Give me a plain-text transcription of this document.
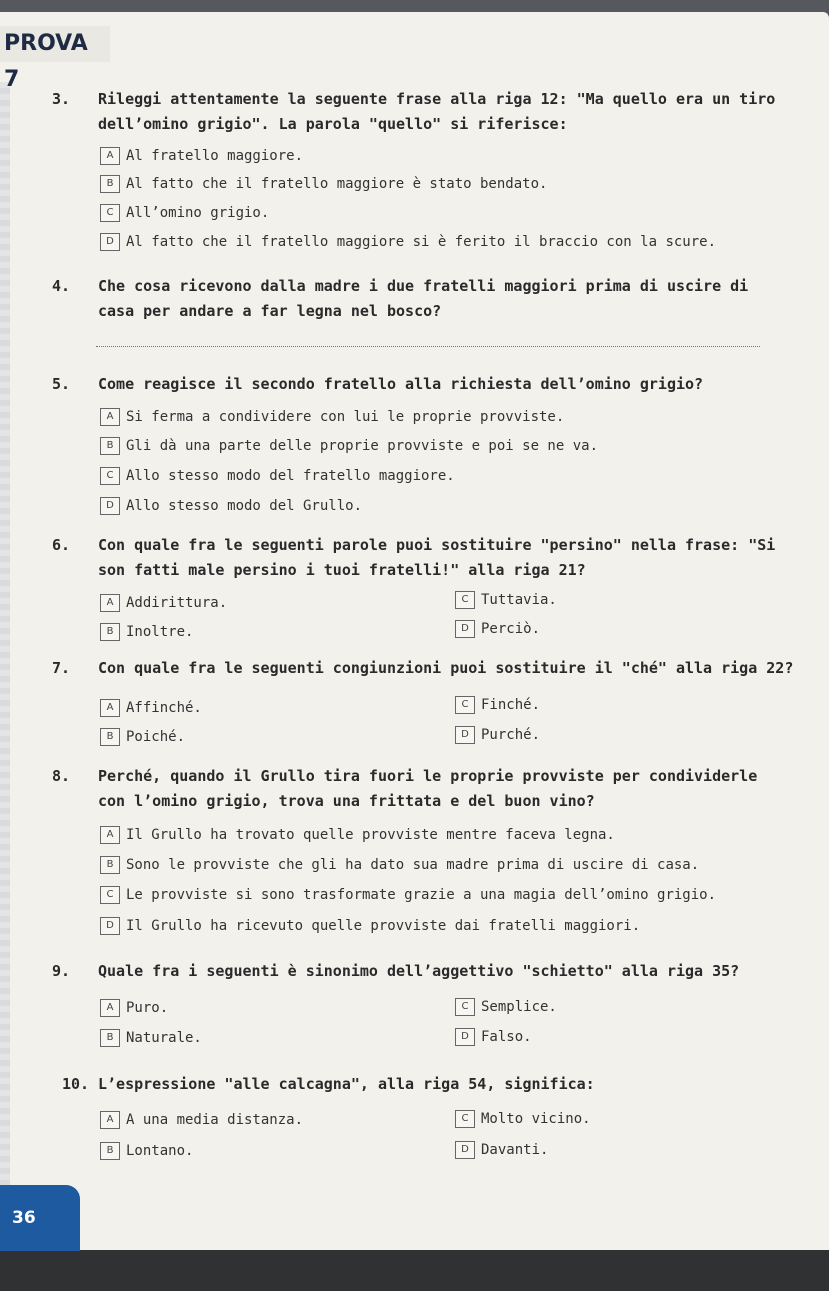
PROVA 7
3. Rileggi attentamente la seguente frase alla riga 12: "Ma quello era un tiro
dell’omino grigio". La parola "quello" si riferisce:
A Al fratello maggiore.
B Al fatto che il fratello maggiore è stato bendato.
C All’omino grigio.
D Al fatto che il fratello maggiore si è ferito il braccio con la scure.
4. Che cosa ricevono dalla madre i due fratelli maggiori prima di uscire di
casa per andare a far legna nel bosco?
5. Come reagisce il secondo fratello alla richiesta dell’omino grigio?
A Si ferma a condividere con lui le proprie provviste.
B Gli dà una parte delle proprie provviste e poi se ne va.
C Allo stesso modo del fratello maggiore.
D Allo stesso modo del Grullo.
6. Con quale fra le seguenti parole puoi sostituire "persino" nella frase: "Si
son fatti male persino i tuoi fratelli!" alla riga 21?
A Addirittura.
B Inoltre.
C Tuttavia.
D Perciò.
7. Con quale fra le seguenti congiunzioni puoi sostituire il "ché" alla riga 22?
A Affinché.
B Poiché.
C Finché.
D Purché.
8. Perché, quando il Grullo tira fuori le proprie provviste per condividerle
con l’omino grigio, trova una frittata e del buon vino?
A Il Grullo ha trovato quelle provviste mentre faceva legna.
B Sono le provviste che gli ha dato sua madre prima di uscire di casa.
C Le provviste si sono trasformate grazie a una magia dell’omino grigio.
D Il Grullo ha ricevuto quelle provviste dai fratelli maggiori.
9. Quale fra i seguenti è sinonimo dell’aggettivo "schietto" alla riga 35?
A Puro.
B Naturale.
C Semplice.
D Falso.
10. L’espressione "alle calcagna", alla riga 54, significa:
A A una media distanza.
B Lontano.
C Molto vicino.
D Davanti.
36
